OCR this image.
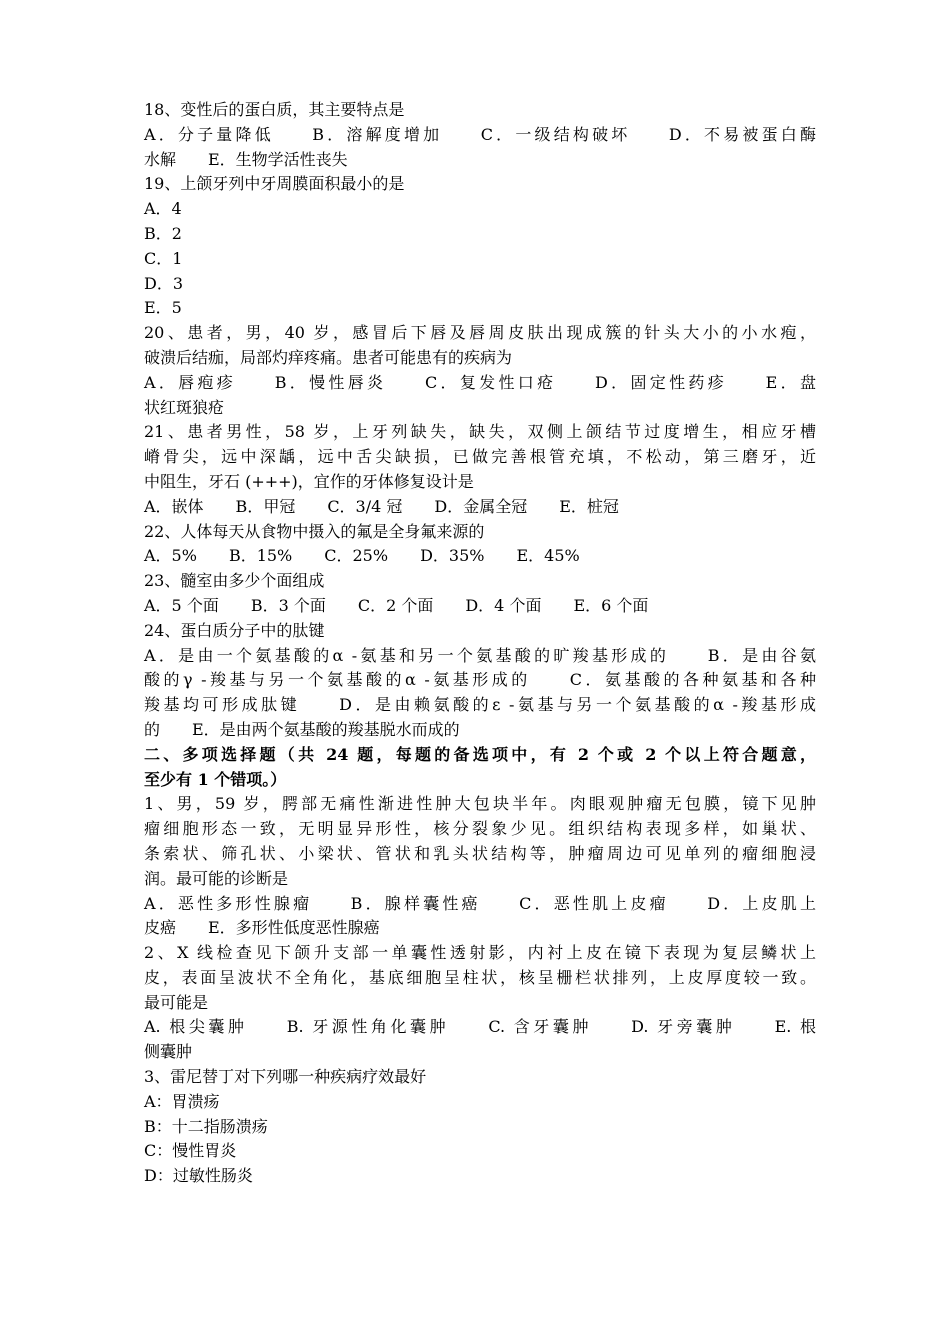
18、变性后的蛋白质，其主要特点是
A．分子量降低　　B．溶解度增加　　C．一级结构破坏　　D．不易被蛋白酶
水解　　E．生物学活性丧失
19、上颌牙列中牙周膜面积最小的是
A．4
B．2
C．1
D．3
E．5
20、患者，男，40 岁，感冒后下唇及唇周皮肤出现成簇的针头大小的小水疱，
破溃后结痂，局部灼痒疼痛。患者可能患有的疾病为
A．唇疱疹　　B．慢性唇炎　　C．复发性口疮　　D．固定性药疹　　E．盘
状红斑狼疮
21、患者男性，58 岁，上牙列缺失，缺失，双侧上颌结节过度增生，相应牙槽
嵴骨尖，远中深龋，远中舌尖缺损，已做完善根管充填，不松动，第三磨牙，近
中阻生，牙石 (+++)，宜作的牙体修复设计是
A．嵌体　　B．甲冠　　C．3/4 冠　　D．金属全冠　　E．桩冠
22、人体每天从食物中摄入的氟是全身氟来源的
A．5%　　B．15%　　C．25%　　D．35%　　E．45%
23、髓室由多少个面组成
A．5 个面　　B．3 个面　　C．2 个面　　D．4 个面　　E．6 个面
24、蛋白质分子中的肽键
A．是由一个氨基酸的α -氨基和另一个氨基酸的旷羧基形成的　　B．是由谷氨
酸的γ -羧基与另一个氨基酸的α -氨基形成的　　C．氨基酸的各种氨基和各种
羧基均可形成肽键　　D．是由赖氨酸的ε -氨基与另一个氨基酸的α -羧基形成
的　　E．是由两个氨基酸的羧基脱水而成的
二、多项选择题（共 24 题，每题的备选项中，有 2 个或 2 个以上符合题意，
至少有 1 个错项。）
1、男，59 岁，腭部无痛性渐进性肿大包块半年。肉眼观肿瘤无包膜，镜下见肿
瘤细胞形态一致，无明显异形性，核分裂象少见。组织结构表现多样，如巢状、
条索状、筛孔状、小梁状、管状和乳头状结构等，肿瘤周边可见单列的瘤细胞浸
润。最可能的诊断是
A．恶性多形性腺瘤　　B．腺样囊性癌　　C．恶性肌上皮瘤　　D．上皮肌上
皮癌　　E．多形性低度恶性腺癌
2、X 线检查见下颌升支部一单囊性透射影，内衬上皮在镜下表现为复层鳞状上
皮，表面呈波状不全角化，基底细胞呈柱状，核呈栅栏状排列，上皮厚度较一致。
最可能是
A. 根尖囊肿　　B. 牙源性角化囊肿　　C. 含牙囊肿　　D. 牙旁囊肿　　E. 根
侧囊肿
3、雷尼替丁对下列哪一种疾病疗效最好
A：胃溃疡
B：十二指肠溃疡
C：慢性胃炎
D：过敏性肠炎
